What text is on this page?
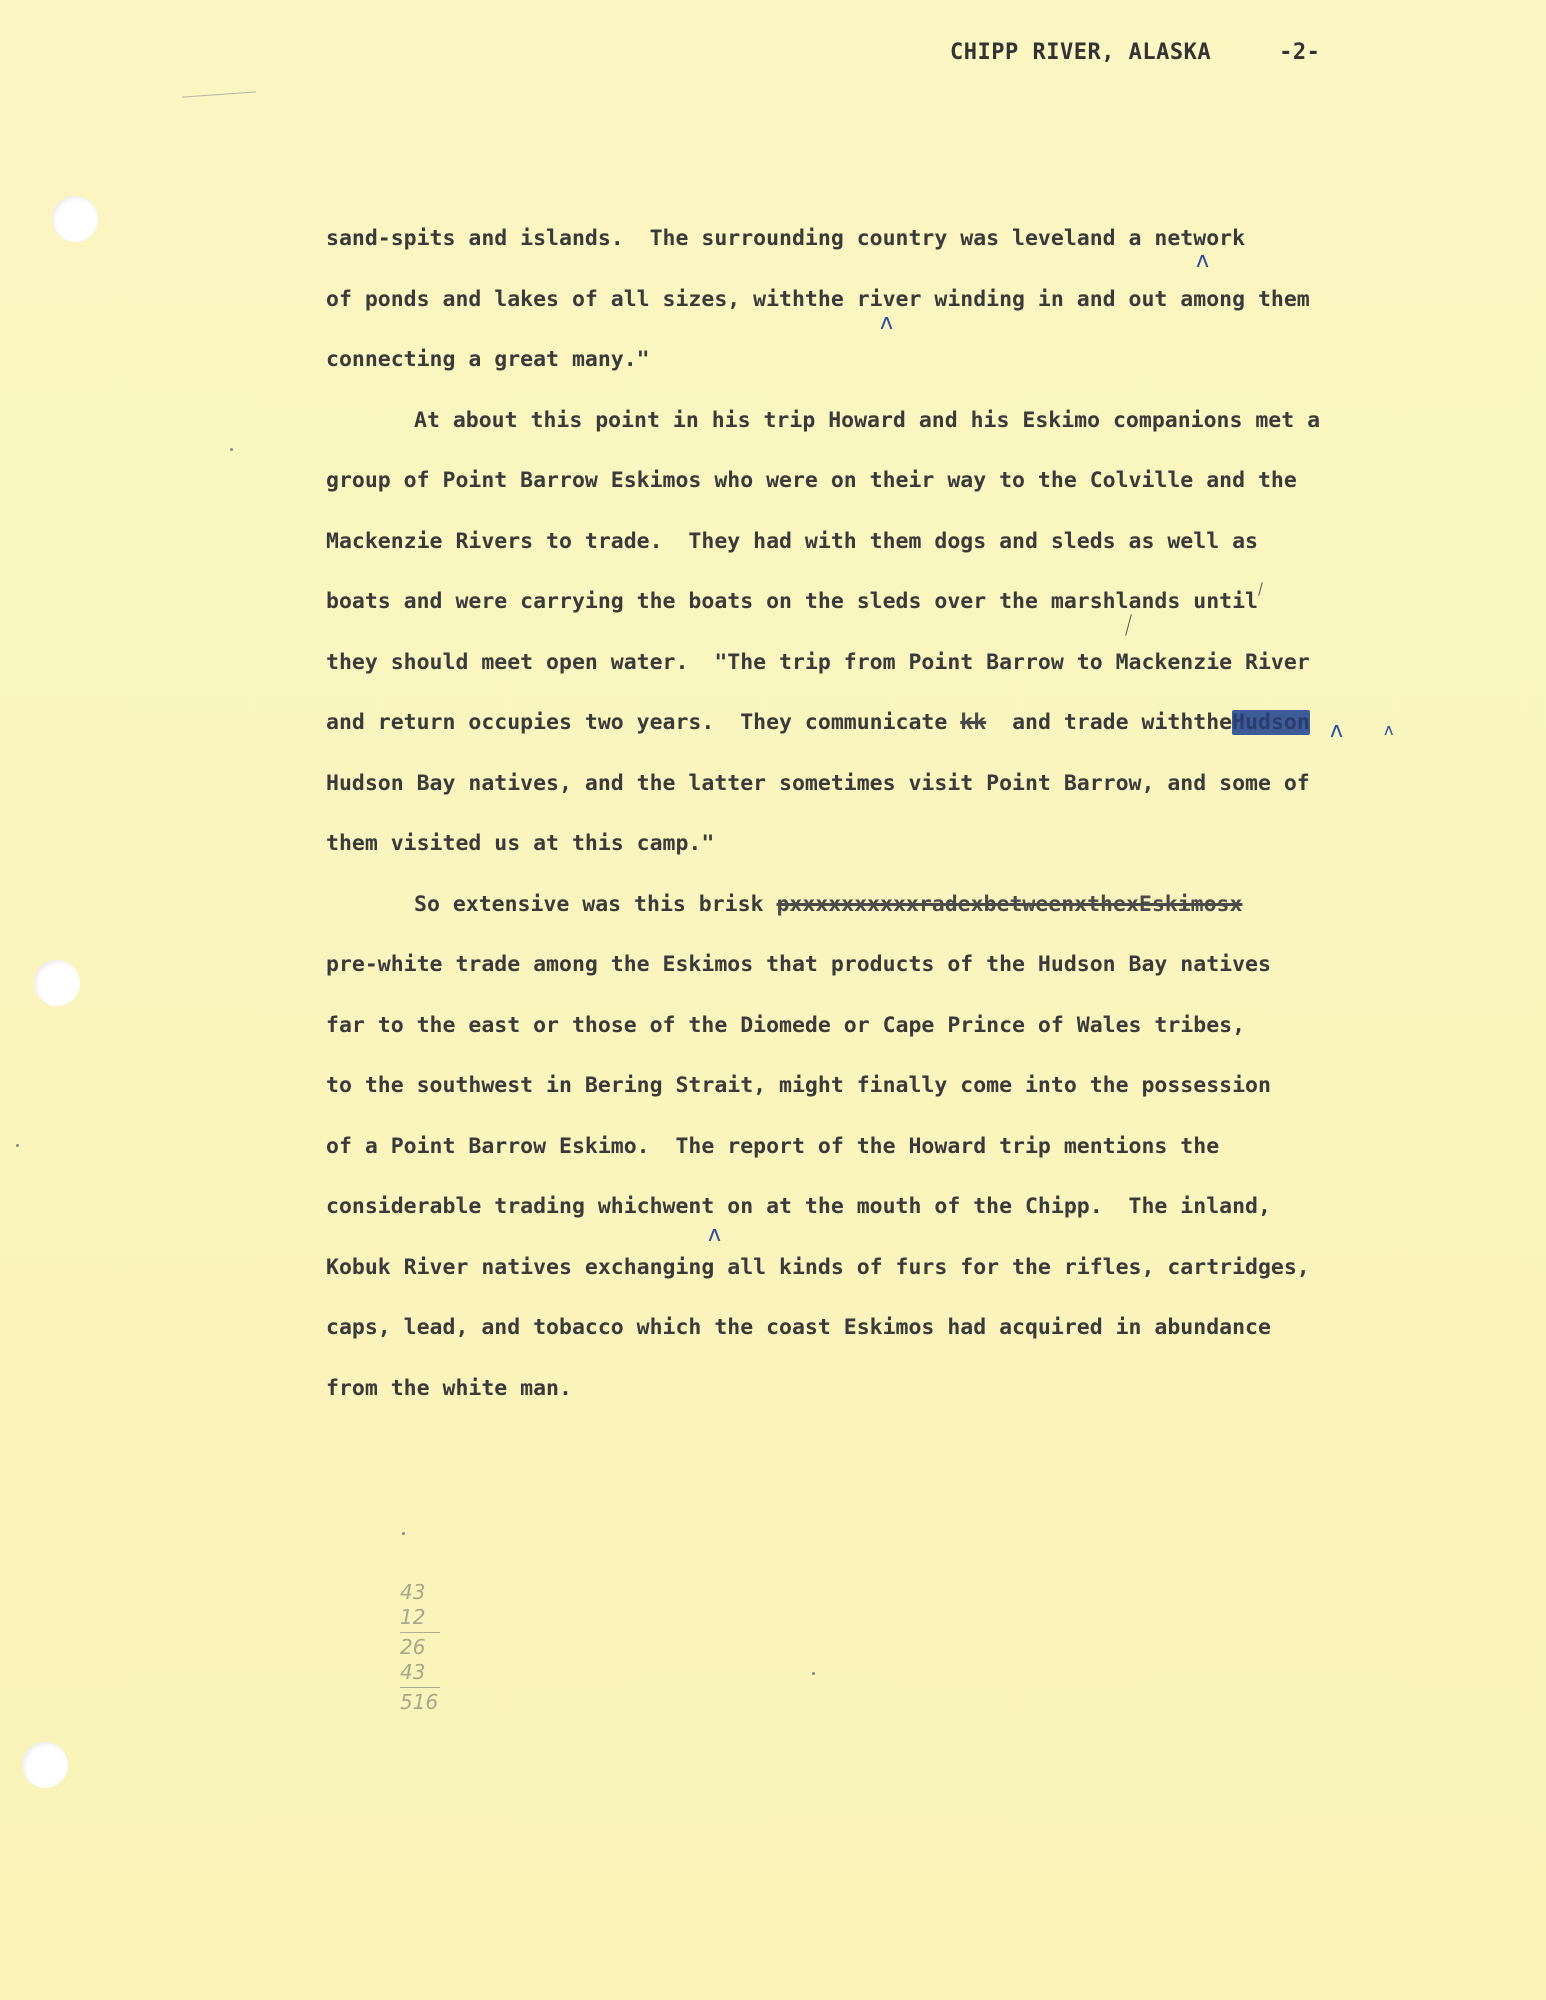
CHIPP RIVER, ALASKA	-2-
sand-spits and islands.  The surrounding country was leveland a network
of ponds and lakes of all sizes, withthe river winding in and out among them
connecting a great many."
At about this point in his trip Howard and his Eskimo companions met a
group of Point Barrow Eskimos who were on their way to the Colville and the
Mackenzie Rivers to trade.  They had with them dogs and sleds as well as
boats and were carrying the boats on the sleds over the marshlands until
they should meet open water.  "The trip from Point Barrow to Mackenzie River
and return occupies two years.  They communicate kk and trade withtheHudson
Hudson Bay natives, and the latter sometimes visit Point Barrow, and some of
them visited us at this camp."
So extensive was this brisk pxxxxxxxxxxradexbetweenxthexEskimosx
pre-white trade among the Eskimos that products of the Hudson Bay natives
far to the east or those of the Diomede or Cape Prince of Wales tribes,
to the southwest in Bering Strait, might finally come into the possession
of a Point Barrow Eskimo.  The report of the Howard trip mentions the
considerable trading whichwent on at the mouth of the Chipp.  The inland,
Kobuk River natives exchanging all kinds of furs for the rifles, cartridges,
caps, lead, and tobacco which the coast Eskimos had acquired in abundance
from the white man.
ʌ
ʌ
ʌ	ʌ
ʌ
43
12
26
43
516
